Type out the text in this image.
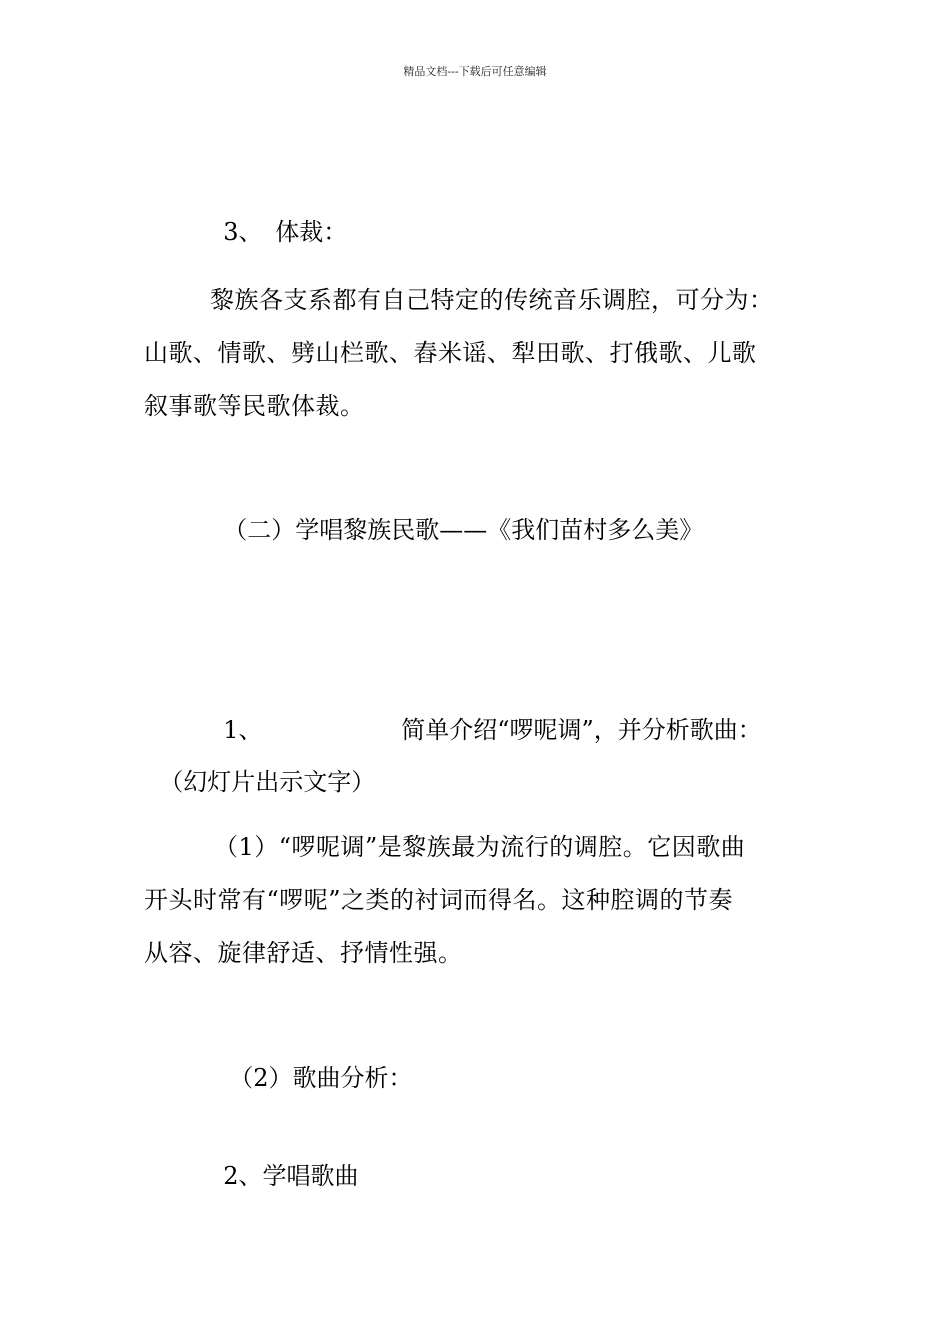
精品文档---下载后可任意编辑

3、 体裁：

黎族各支系都有自己特定的传统音乐调腔，可分为：
山歌、情歌、劈山栏歌、舂米谣、犁田歌、打俄歌、儿歌
叙事歌等民歌体裁。

（二）学唱黎族民歌——《我们苗村多么美》

1、	简单介绍“啰呢调”，并分析歌曲：

（幻灯片出示文字）

（1）“啰呢调”是黎族最为流行的调腔。它因歌曲
开头时常有“啰呢”之类的衬词而得名。这种腔调的节奏
从容、旋律舒适、抒情性强。

（2）歌曲分析：

2、学唱歌曲
